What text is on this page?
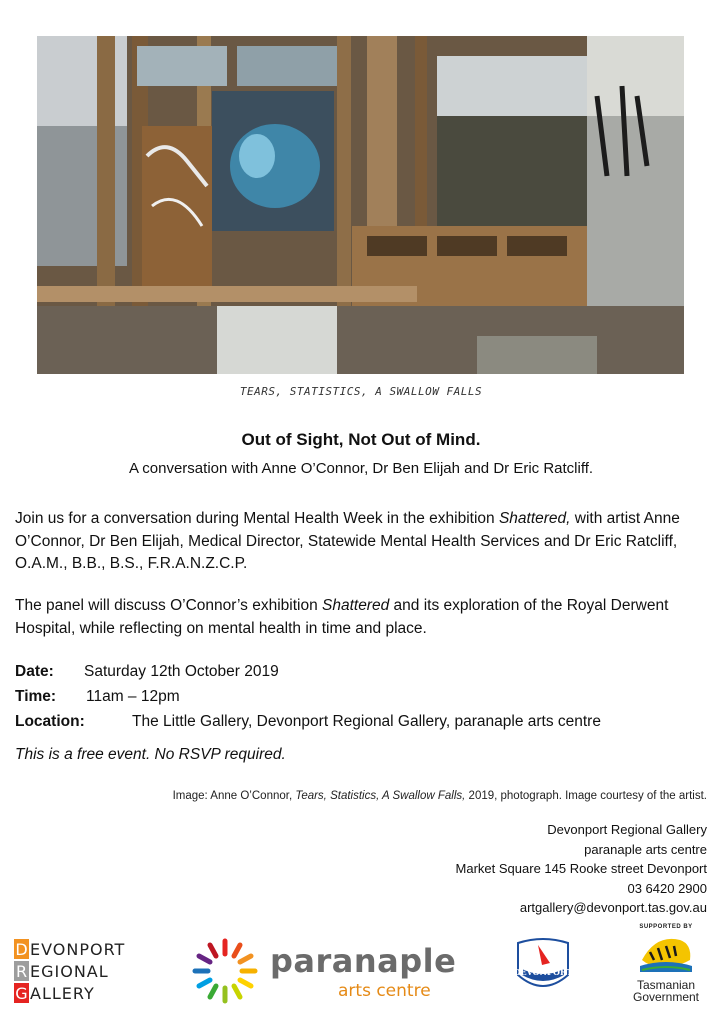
TEARS, STATISTICS, A SWALLOW FALLS
Out of Sight, Not Out of Mind.
A conversation with Anne O’Connor, Dr Ben Elijah and Dr Eric Ratcliff.
Join us for a conversation during Mental Health Week in the exhibition Shattered, with artist Anne O’Connor, Dr Ben Elijah, Medical Director, Statewide Mental Health Services and Dr Eric Ratcliff, O.A.M., B.B., B.S., F.R.A.N.Z.C.P.
The panel will discuss O’Connor’s exhibition Shattered and its exploration of the Royal Derwent Hospital, while reflecting on mental health in time and place.
Date: Saturday 12th October 2019
Time: 11am – 12pm
Location:	The Little Gallery, Devonport Regional Gallery, paranaple arts centre
This is a free event. No RSVP required.
Image: Anne O’Connor, Tears, Statistics, A Swallow Falls, 2019, photograph. Image courtesy of the artist.
Devonport Regional Gallery
paranaple arts centre
Market Square 145 Rooke street Devonport
03 6420 2900
artgallery@devonport.tas.gov.au
D EVONPORT
R EGIONAL
G ALLERY
paranaple
arts centre
DEVONPORT
SUPPORTED BY
Tasmanian
Government
